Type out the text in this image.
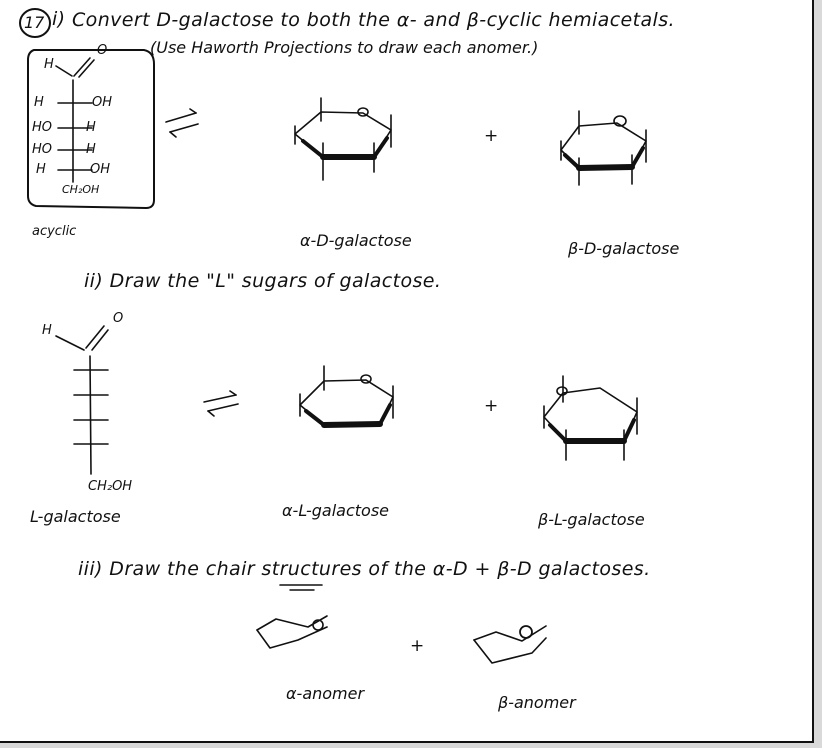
17 i) Convert D-galactose to both the α- and β-cyclic hemiacetals.
(Use Haworth Projections to draw each anomer.)
H
O
H	OH
HO	H
HO	H
H	OH
CH₂OH
acyclic
+
α-D-galactose	β-D-galactose
ii) Draw the "L" sugars of galactose.
H
O
CH₂OH
L-galactose
+
α-L-galactose	β-L-galactose
iii) Draw the chair structures of the α-D + β-D galactoses.
+
α-anomer	β-anomer
